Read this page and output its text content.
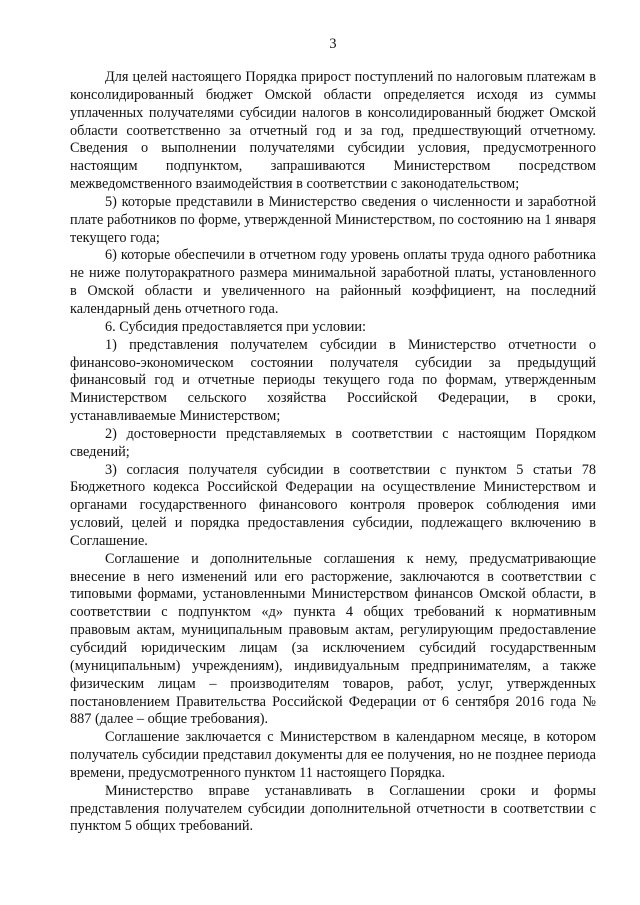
3

Для целей настоящего Порядка прирост поступлений по налоговым платежам в консолидированный бюджет Омской области определяется исходя из суммы уплаченных получателями субсидии налогов в консолидированный бюджет Омской области соответственно за отчетный год и за год, предшествующий отчетному. Сведения о выполнении получателями субсидии условия, предусмотренного настоящим подпунктом, запрашиваются Министерством посредством межведомственного взаимодействия в соответствии с законодательством;

5) которые представили в Министерство сведения о численности и заработной плате работников по форме, утвержденной Министерством, по состоянию на 1 января текущего года;

6) которые обеспечили в отчетном году уровень оплаты труда одного работника не ниже полуторакратного размера минимальной заработной платы, установленного в Омской области и увеличенного на районный коэффициент, на последний календарный день отчетного года.

6. Субсидия предоставляется при условии:

1) представления получателем субсидии в Министерство отчетности о финансово-экономическом состоянии получателя субсидии за предыдущий финансовый год и отчетные периоды текущего года по формам, утвержденным Министерством сельского хозяйства Российской Федерации, в сроки, устанавливаемые Министерством;

2) достоверности представляемых в соответствии с настоящим Порядком сведений;

3) согласия получателя субсидии в соответствии с пунктом 5 статьи 78 Бюджетного кодекса Российской Федерации на осуществление Министерством и органами государственного финансового контроля проверок соблюдения ими условий, целей и порядка предоставления субсидии, подлежащего включению в Соглашение.

Соглашение и дополнительные соглашения к нему, предусматривающие внесение в него изменений или его расторжение, заключаются в соответствии с типовыми формами, установленными Министерством финансов Омской области, в соответствии с подпунктом «д» пункта 4 общих требований к нормативным правовым актам, муниципальным правовым актам, регулирующим предоставление субсидий юридическим лицам (за исключением субсидий государственным (муниципальным) учреждениям), индивидуальным предпринимателям, а также физическим лицам – производителям товаров, работ, услуг, утвержденных постановлением Правительства Российской Федерации от 6 сентября 2016 года № 887 (далее – общие требования).

Соглашение заключается с Министерством в календарном месяце, в котором получатель субсидии представил документы для ее получения, но не позднее периода времени, предусмотренного пунктом 11 настоящего Порядка.

Министерство вправе устанавливать в Соглашении сроки и формы представления получателем субсидии дополнительной отчетности в соответствии с пунктом 5 общих требований.
